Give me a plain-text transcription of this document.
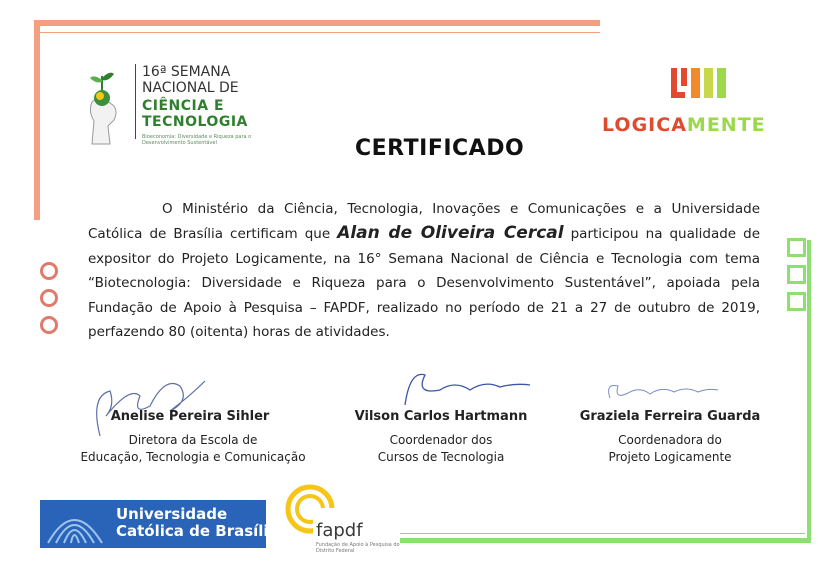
16ª SEMANA
NACIONAL DE
CIÊNCIA E
TECNOLOGIA
Bioeconomia: Diversidade e Riqueza para o Desenvolvimento Sustentável
LOGICAMENTE
CERTIFICADO
O Ministério da Ciência, Tecnologia, Inovações e Comunicações e a Universidade Católica de Brasília certificam que Alan de Oliveira Cercal participou na qualidade de expositor do Projeto Logicamente, na 16° Semana Nacional de Ciência e Tecnologia com tema “Biotecnologia: Diversidade e Riqueza para o Desenvolvimento Sustentável”, apoiada pela Fundação de Apoio à Pesquisa – FAPDF, realizado no período de 21 a 27 de outubro de 2019, perfazendo 80 (oitenta) horas de atividades.
Anelise Pereira Sihler
Diretora da Escola de
Educação, Tecnologia e Comunicação
Vilson Carlos Hartmann
Coordenador dos
Cursos de Tecnologia
Graziela Ferreira Guarda
Coordenadora do
Projeto Logicamente
Universidade
Católica de Brasília fapdf
Fundação de Apoio à Pesquisa do Distrito Federal
